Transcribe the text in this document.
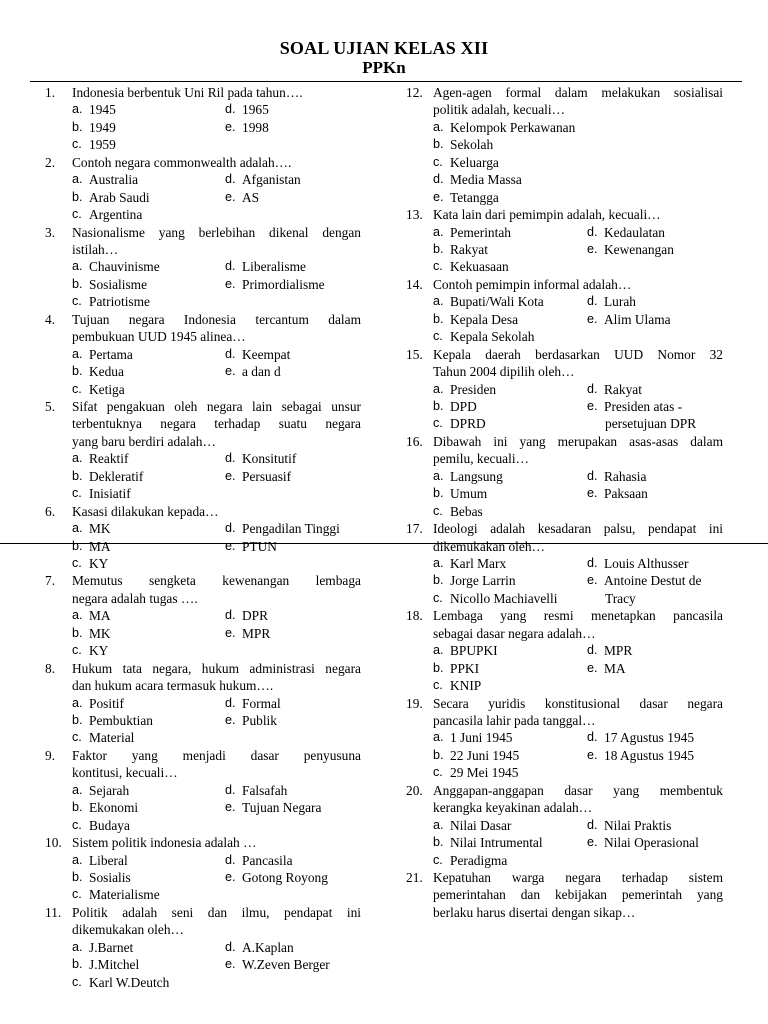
SOAL UJIAN KELAS XII
PPKn
1.	Indonesia berbentuk Uni Ril pada tahun….
a. 1945	d. 1965
b. 1949	e. 1998
c. 1959
2.	Contoh negara commonwealth adalah….
a. Australia	d. Afganistan
b. Arab Saudi	e. AS
c. Argentina
3.	Nasionalisme yang berlebihan dikenal dengan
istilah…
a. Chauvinisme	d. Liberalisme
b. Sosialisme	e. Primordialisme
c. Patriotisme
4.	Tujuan negara Indonesia tercantum dalam
pembukuan UUD 1945 alinea…
a. Pertama	d. Keempat
b. Kedua	e. a dan d
c. Ketiga
5.	Sifat pengakuan oleh negara lain sebagai unsur
terbentuknya negara terhadap suatu negara
yang baru berdiri adalah…
a. Reaktif	d. Konsitutif
b. Dekleratif	e. Persuasif
c. Inisiatif
6.	Kasasi dilakukan kepada…
a. MK	d. Pengadilan Tinggi
b. MA	e. PTUN
c. KY
7.	Memutus sengketa kewenangan lembaga
negara adalah tugas ….
a. MA	d. DPR
b. MK	e. MPR
c. KY
8.	Hukum tata negara, hukum administrasi negara
dan hukum acara termasuk hukum….
a. Positif	d. Formal
b. Pembuktian	e. Publik
c. Material
9.	Faktor yang menjadi dasar penyusuna
kontitusi, kecuali…
a. Sejarah	d. Falsafah
b. Ekonomi	e. Tujuan Negara
c. Budaya
10. Sistem politik indonesia adalah …
a. Liberal	d. Pancasila
b. Sosialis	e. Gotong Royong
c. Materialisme
11. Politik adalah seni dan ilmu, pendapat ini
dikemukakan oleh…
a. J.Barnet	d. A.Kaplan
b. J.Mitchel	e. W.Zeven Berger
c. Karl W.Deutch
12. Agen-agen formal dalam melakukan sosialisai
politik adalah, kecuali…
a. Kelompok Perkawanan
b. Sekolah
c. Keluarga
d. Media Massa
e. Tetangga
13. Kata lain dari pemimpin adalah, kecuali…
a. Pemerintah	d. Kedaulatan
b. Rakyat	e. Kewenangan
c. Kekuasaan
14. Contoh pemimpin informal adalah…
a. Bupati/Wali Kota	d. Lurah
b. Kepala Desa	e. Alim Ulama
c. Kepala Sekolah
15. Kepala daerah berdasarkan UUD Nomor 32
Tahun 2004 dipilih oleh…
a. Presiden	d. Rakyat
b. DPD	e. Presiden atas -
c. DPRD	persetujuan DPR
16. Dibawah ini yang merupakan asas-asas dalam
pemilu, kecuali…
a. Langsung	d. Rahasia
b. Umum	e. Paksaan
c. Bebas
17. Ideologi adalah kesadaran palsu, pendapat ini
dikemukakan oleh…
a. Karl Marx	d. Louis Althusser
b. Jorge Larrin	e. Antoine Destut de
c. Nicollo Machiavelli	Tracy
18. Lembaga yang resmi menetapkan pancasila
sebagai dasar negara adalah…
a. BPUPKI	d. MPR
b. PPKI	e. MA
c. KNIP
19. Secara yuridis konstitusional dasar negara
pancasila lahir pada tanggal…
a. 1 Juni 1945	d. 17 Agustus 1945
b. 22 Juni 1945	e. 18 Agustus 1945
c. 29 Mei 1945
20. Anggapan-anggapan dasar yang membentuk
kerangka keyakinan adalah…
a. Nilai Dasar	d. Nilai Praktis
b. Nilai Intrumental	e. Nilai Operasional
c. Peradigma
21. Kepatuhan warga negara terhadap sistem
pemerintahan dan kebijakan pemerintah yang
berlaku harus disertai dengan sikap…
